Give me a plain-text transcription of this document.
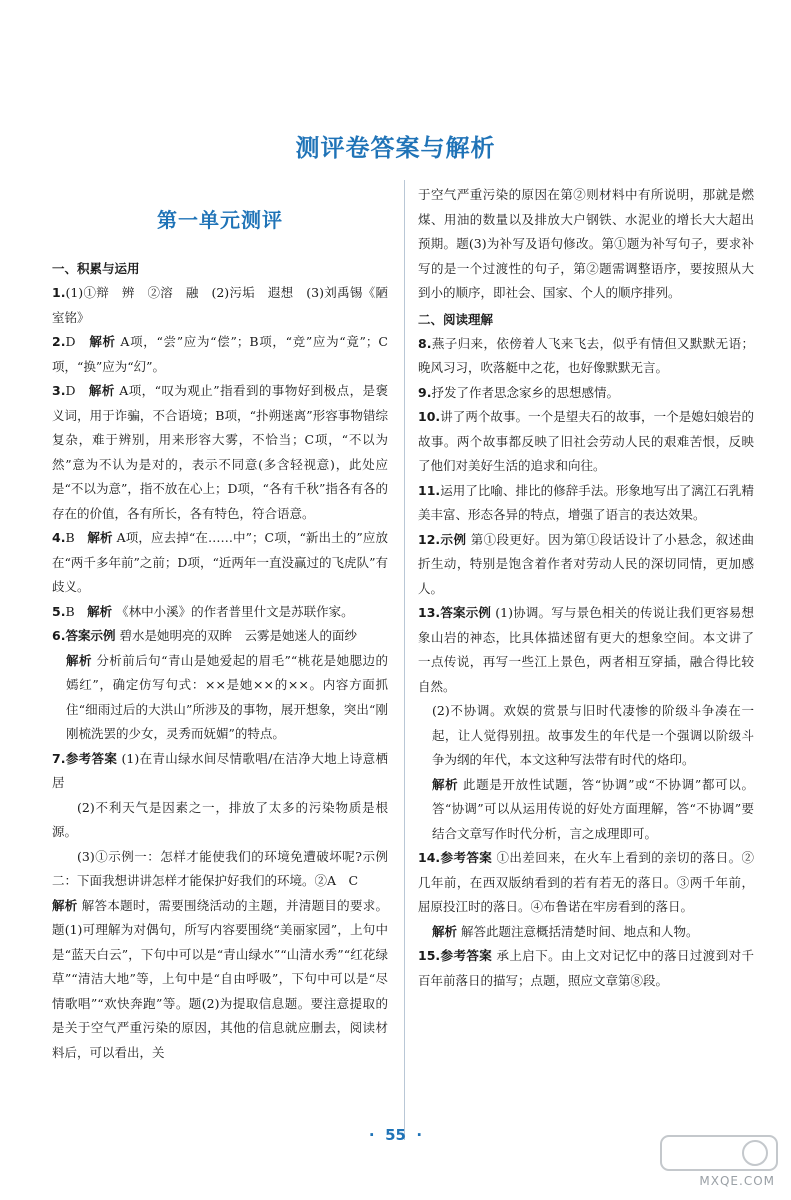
测评卷答案与解析
第一单元测评
一、积累与运用

1.(1)①辩　辨　②溶　融　(2)污垢　遐想　(3)刘禹锡《陋室铭》

2.D　解析 A项，“尝”应为“偿”；B项，“竞”应为“竟”；C项，“换”应为“幻”。

3.D　解析 A项，“叹为观止”指看到的事物好到极点，是褒义词，用于诈骗，不合语境；B项，“扑朔迷离”形容事物错综复杂，难于辨别，用来形容大雾，不恰当；C项，“不以为然”意为不认为是对的，表示不同意(多含轻视意)，此处应是“不以为意”，指不放在心上；D项，“各有千秋”指各有各的存在的价值，各有所长，各有特色，符合语意。

4.B　解析 A项，应去掉“在……中”；C项，“新出土的”应放在“两千多年前”之前；D项，“近两年一直没赢过的飞虎队”有歧义。

5.B　解析 《林中小溪》的作者普里什文是苏联作家。

6.答案示例 碧水是她明亮的双眸　云雾是她迷人的面纱

解析 分析前后句“青山是她爱起的眉毛”“桃花是她腮边的嫣红”，确定仿写句式：××是她××的××。内容方面抓住“细雨过后的大洪山”所涉及的事物，展开想象，突出“刚刚梳洗罢的少女，灵秀而妩媚”的特点。

7.参考答案 (1)在青山绿水间尽情歌唱/在洁净大地上诗意栖居

(2)不利天气是因素之一，排放了太多的污染物质是根源。

(3)①示例一：怎样才能使我们的环境免遭破坏呢?示例二：下面我想讲讲怎样才能保护好我们的环境。②A　C

解析 解答本题时，需要围绕活动的主题，并清题目的要求。题(1)可理解为对偶句，所写内容要围绕“美丽家园”，上句中是“蓝天白云”，下句中可以是“青山绿水”“山清水秀”“红花绿草”“清洁大地”等，上句中是“自由呼吸”，下句中可以是“尽情歌唱”“欢快奔跑”等。题(2)为提取信息题。要注意提取的是关于空气严重污染的原因，其他的信息就应删去，阅读材料后，可以看出，关

于空气严重污染的原因在第②则材料中有所说明，那就是燃煤、用油的数量以及排放大户钢铁、水泥业的增长大大超出预期。题(3)为补写及语句修改。第①题为补写句子，要求补写的是一个过渡性的句子，第②题需调整语序，要按照从大到小的顺序，即社会、国家、个人的顺序排列。

二、阅读理解

8.燕子归来，依傍着人飞来飞去，似乎有情但又默默无语；晚风习习，吹落艇中之花，也好像默默无言。

9.抒发了作者思念家乡的思想感情。

10.讲了两个故事。一个是望夫石的故事，一个是媳妇娘岩的故事。两个故事都反映了旧社会劳动人民的艰难苦恨，反映了他们对美好生活的追求和向往。

11.运用了比喻、排比的修辞手法。形象地写出了漓江石乳精美丰富、形态各异的特点，增强了语言的表达效果。

12.示例 第①段更好。因为第①段话设计了小悬念，叙述曲折生动，特别是饱含着作者对劳动人民的深切同情，更加感人。

13.答案示例 (1)协调。写与景色相关的传说让我们更容易想象山岩的神态，比具体描述留有更大的想象空间。本文讲了一点传说，再写一些江上景色，两者相互穿插，融合得比较自然。

(2)不协调。欢娱的赏景与旧时代凄惨的阶级斗争凑在一起，让人觉得别扭。故事发生的年代是一个强调以阶级斗争为纲的年代，本文这种写法带有时代的烙印。

解析 此题是开放性试题，答“协调”或“不协调”都可以。答“协调”可以从运用传说的好处方面理解，答“不协调”要结合文章写作时代分析，言之成理即可。

14.参考答案 ①出差回来，在火车上看到的亲切的落日。②几年前，在西双版纳看到的若有若无的落日。③两千年前，屈原投江时的落日。④布鲁诺在牢房看到的落日。

解析 解答此题注意概括清楚时间、地点和人物。

15.参考答案 承上启下。由上文对记忆中的落日过渡到对千百年前落日的描写；点题，照应文章第⑧段。

·  55  ·
MXQE.COM
